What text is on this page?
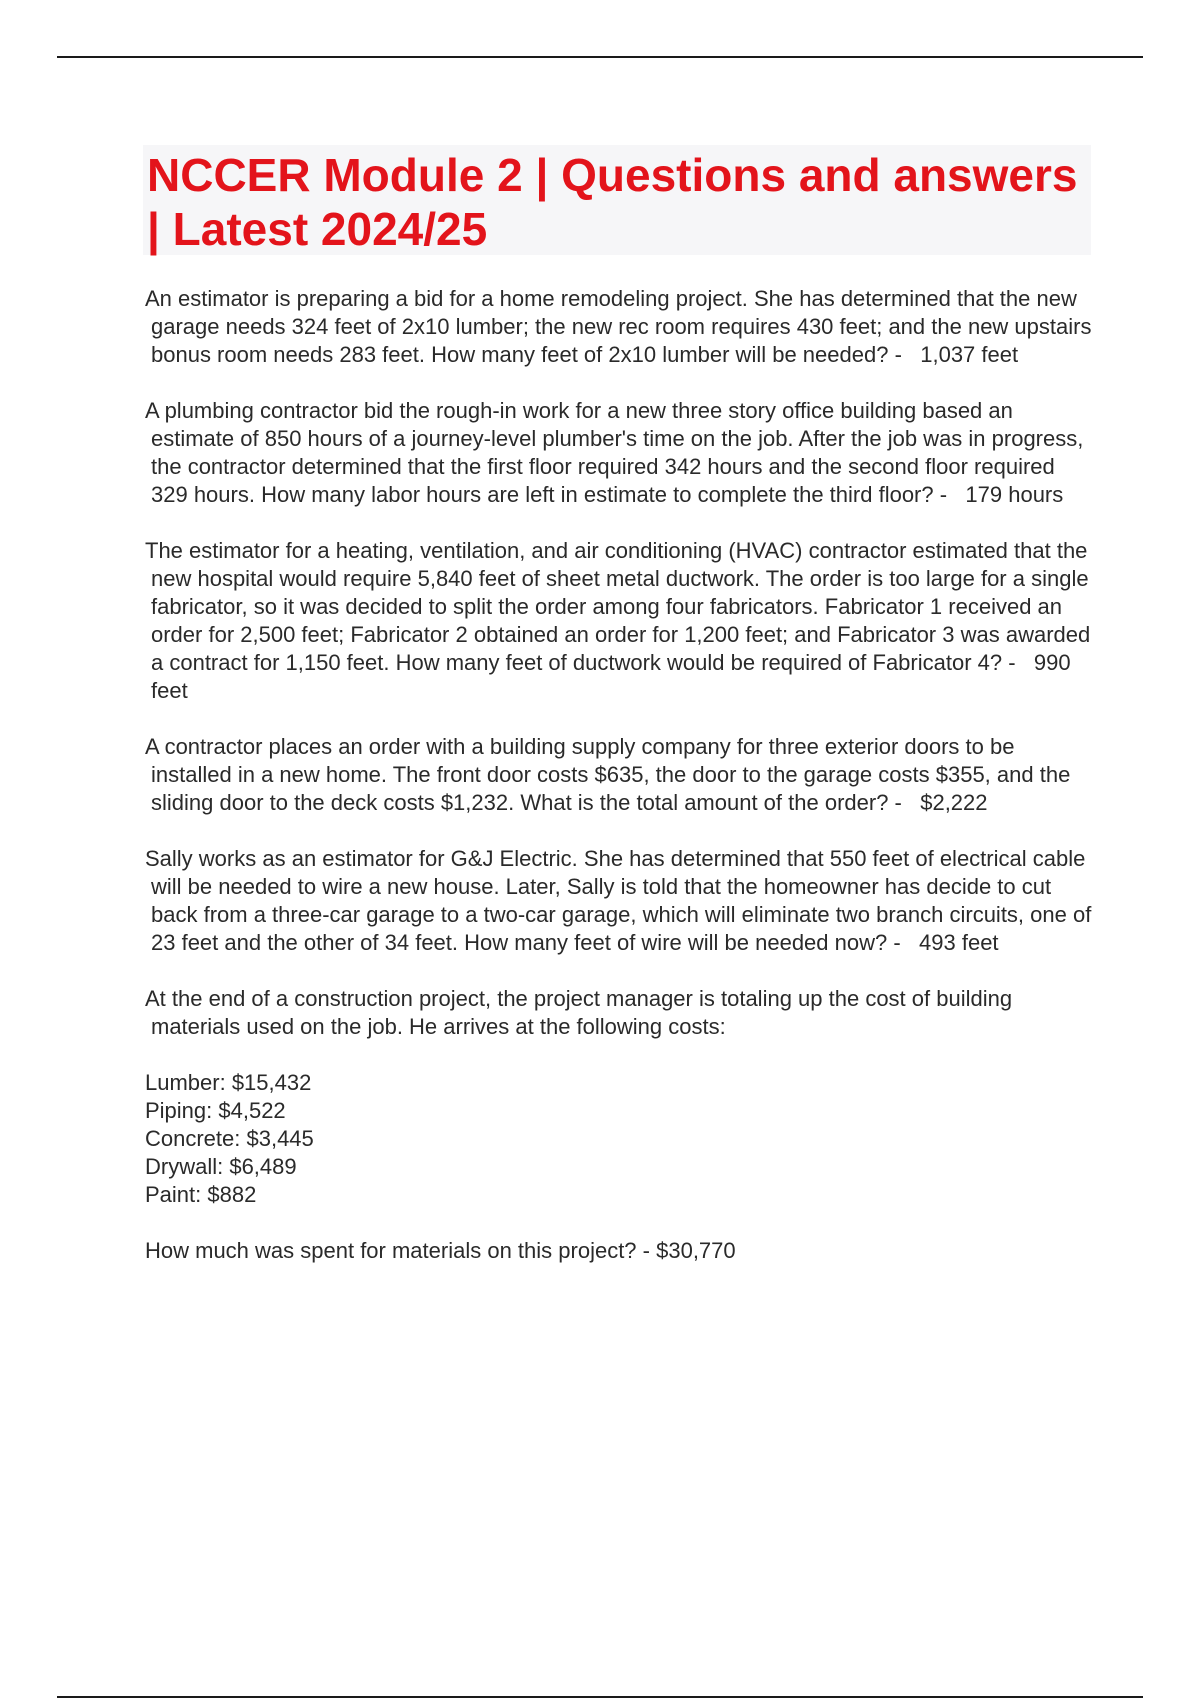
NCCER Module 2 | Questions and answers | Latest 2024/25
An estimator is preparing a bid for a home remodeling project. She has determined that the new garage needs 324 feet of 2x10 lumber; the new rec room requires 430 feet; and the new upstairs bonus room needs 283 feet. How many feet of 2x10 lumber will be needed? - 1,037 feet
A plumbing contractor bid the rough-in work for a new three story office building based an estimate of 850 hours of a journey-level plumber's time on the job. After the job was in progress, the contractor determined that the first floor required 342 hours and the second floor required 329 hours. How many labor hours are left in estimate to complete the third floor? - 179 hours
The estimator for a heating, ventilation, and air conditioning (HVAC) contractor estimated that the new hospital would require 5,840 feet of sheet metal ductwork. The order is too large for a single fabricator, so it was decided to split the order among four fabricators. Fabricator 1 received an order for 2,500 feet; Fabricator 2 obtained an order for 1,200 feet; and Fabricator 3 was awarded a contract for 1,150 feet. How many feet of ductwork would be required of Fabricator 4? - 990 feet
A contractor places an order with a building supply company for three exterior doors to be installed in a new home. The front door costs $635, the door to the garage costs $355, and the sliding door to the deck costs $1,232. What is the total amount of the order? - $2,222
Sally works as an estimator for G&J Electric. She has determined that 550 feet of electrical cable will be needed to wire a new house. Later, Sally is told that the homeowner has decide to cut back from a three-car garage to a two-car garage, which will eliminate two branch circuits, one of 23 feet and the other of 34 feet. How many feet of wire will be needed now? - 493 feet
At the end of a construction project, the project manager is totaling up the cost of building materials used on the job. He arrives at the following costs:
Lumber: $15,432
Piping: $4,522
Concrete: $3,445
Drywall: $6,489
Paint: $882
How much was spent for materials on this project? - $30,770
